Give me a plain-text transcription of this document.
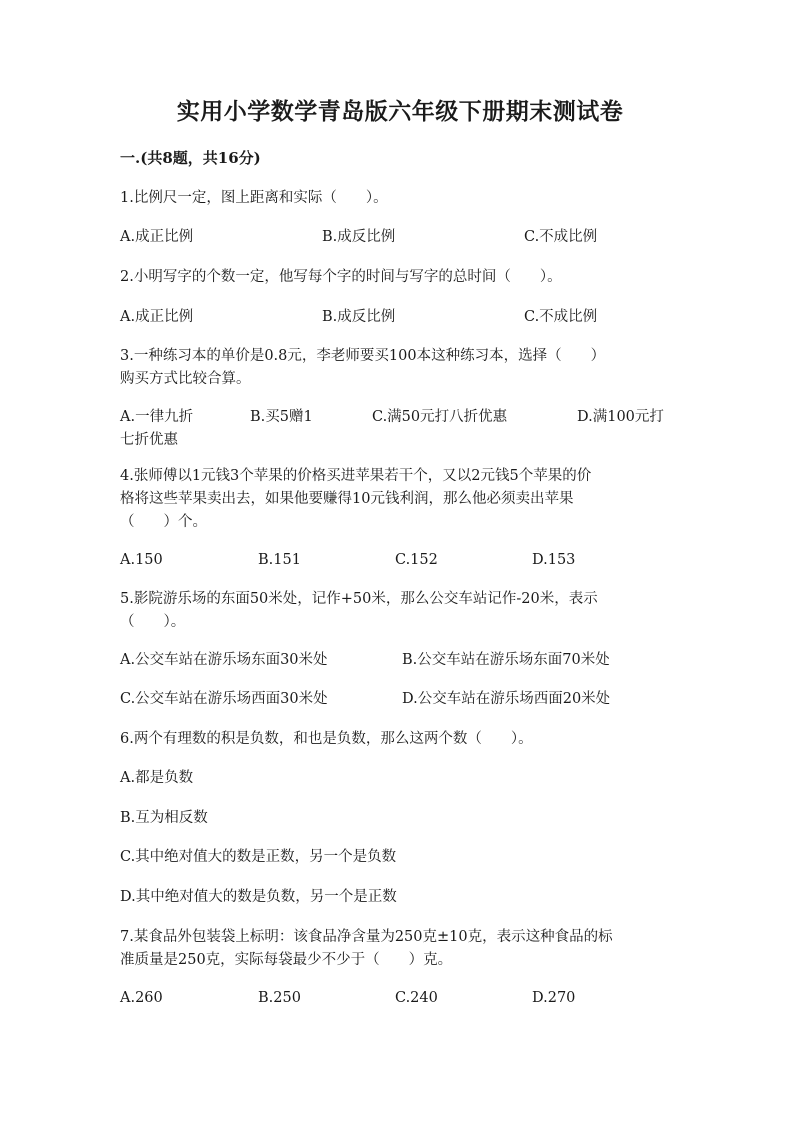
实用小学数学青岛版六年级下册期末测试卷
一.(共8题，共16分)
1.比例尺一定，图上距离和实际（　　）。
A.成正比例	B.成反比例	C.不成比例
2.小明写字的个数一定，他写每个字的时间与写字的总时间（　　）。
A.成正比例	B.成反比例	C.不成比例
3.一种练习本的单价是0.8元，李老师要买100本这种练习本，选择（　　）
购买方式比较合算。
A.一律九折	B.买5赠1	C.满50元打八折优惠	D.满100元打
七折优惠
4.张师傅以1元钱3个苹果的价格买进苹果若干个，又以2元钱5个苹果的价
格将这些苹果卖出去，如果他要赚得10元钱利润，那么他必须卖出苹果
（　　）个。
A.150	B.151	C.152	D.153
5.影院游乐场的东面50米处，记作+50米，那么公交车站记作-20米，表示
（　　）。
A.公交车站在游乐场东面30米处	B.公交车站在游乐场东面70米处
C.公交车站在游乐场西面30米处	D.公交车站在游乐场西面20米处
6.两个有理数的积是负数，和也是负数，那么这两个数（　　）。
A.都是负数
B.互为相反数
C.其中绝对值大的数是正数，另一个是负数
D.其中绝对值大的数是负数，另一个是正数
7.某食品外包装袋上标明：该食品净含量为250克±10克，表示这种食品的标
准质量是250克，实际每袋最少不少于（　　）克。
A.260	B.250	C.240	D.270
